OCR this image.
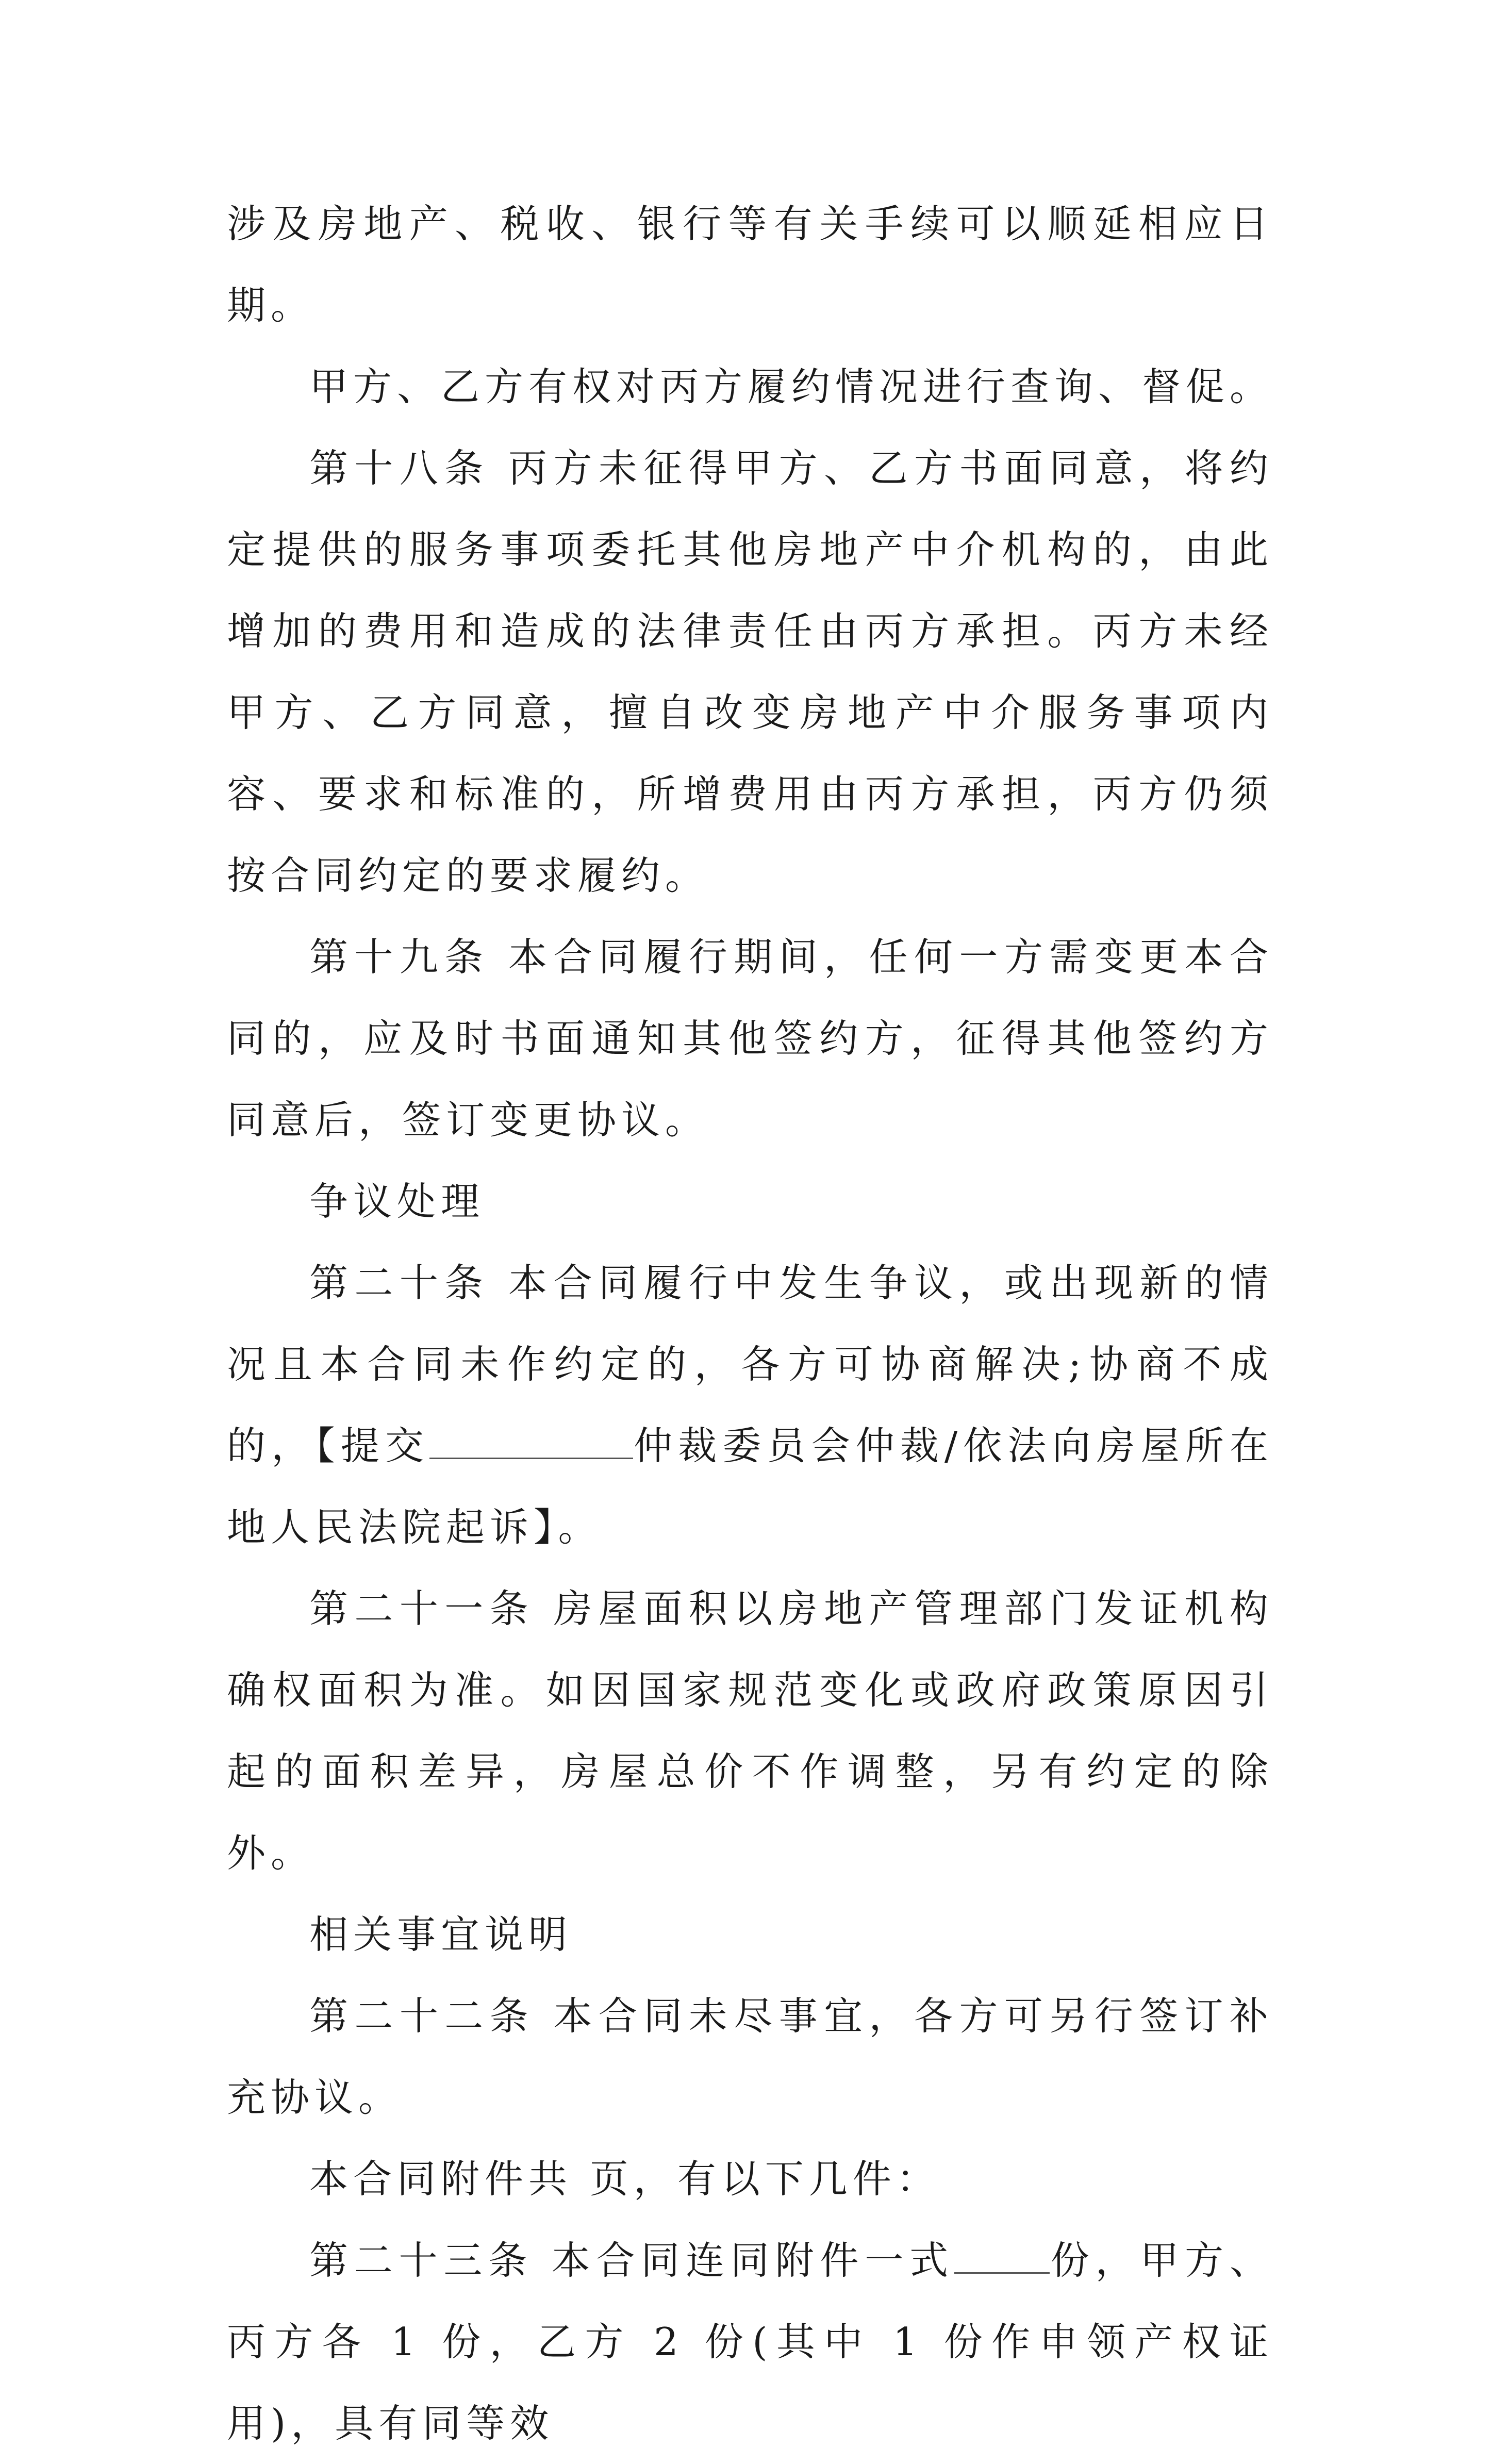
涉及房地产、税收、银行等有关手续可以顺延相应日期。

甲方、乙方有权对丙方履约情况进行查询、督促。

第十八条 丙方未征得甲方、乙方书面同意，将约定提供的服务事项委托其他房地产中介机构的，由此增加的费用和造成的法律责任由丙方承担。丙方未经甲方、乙方同意，擅自改变房地产中介服务事项内容、要求和标准的，所增费用由丙方承担，丙方仍须按合同约定的要求履约。

第十九条 本合同履行期间，任何一方需变更本合同的，应及时书面通知其他签约方，征得其他签约方同意后，签订变更协议。

争议处理

第二十条 本合同履行中发生争议，或出现新的情况且本合同未作约定的，各方可协商解决;协商不成的，【提交	仲裁委员会仲裁/依法向房屋所在地人民法院起诉】。

第二十一条 房屋面积以房地产管理部门发证机构确权面积为准。如因国家规范变化或政府政策原因引起的面积差异，房屋总价不作调整，另有约定的除外。

相关事宜说明

第二十二条 本合同未尽事宜，各方可另行签订补充协议。

本合同附件共 页，有以下几件：

第二十三条 本合同连同附件一式 份，甲方、丙方各 1 份，乙方 2 份(其中 1 份作申领产权证用)，具有同等效
